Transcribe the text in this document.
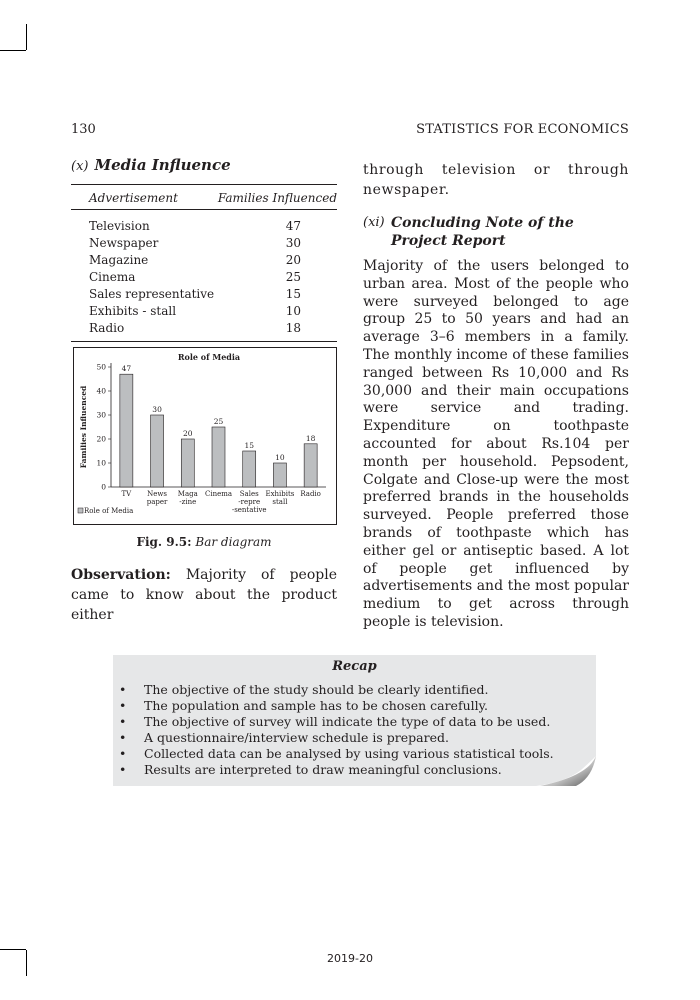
130	STATISTICS FOR ECONOMICS

(x) Media Influence

Advertisement	Families Influenced
Television	47
Newspaper	30
Magazine	20
Cinema	25
Sales representative	15
Exhibits - stall	10
Radio	18
Role of Media
Families Influenced
0
10
20
30
40
50 47
TV
30
News
paper
20
Maga
-zine
25
Cinema
15
Sales
-repre
-sentative
10
Exhibits
stall
18
Radio
Role of Media
Fig. 9.5: Bar diagram

Observation: Majority of people came to know about the product either

through television or through newspaper.

(xi) Concluding Note of the Project Report

Majority of the users belonged to urban area. Most of the people who were surveyed belonged to age group 25 to 50 years and had an average 3–6 members in a family. The monthly income of these families ranged between Rs 10,000 and Rs 30,000 and their main occupations were service and trading. Expenditure on toothpaste accounted for about Rs.104 per month per household. Pepsodent, Colgate and Close-up were the most preferred brands in the households surveyed. People preferred those brands of toothpaste which has either gel or antiseptic based. A lot of people get influenced by advertisements and the most popular medium to get across through people is television.

Recap
• The objective of the study should be clearly identified.
• The population and sample has to be chosen carefully.
• The objective of survey will indicate the type of data to be used.
• A questionnaire/interview schedule is prepared.
• Collected data can be analysed by using various statistical tools.
• Results are interpreted to draw meaningful conclusions.
2019-20
